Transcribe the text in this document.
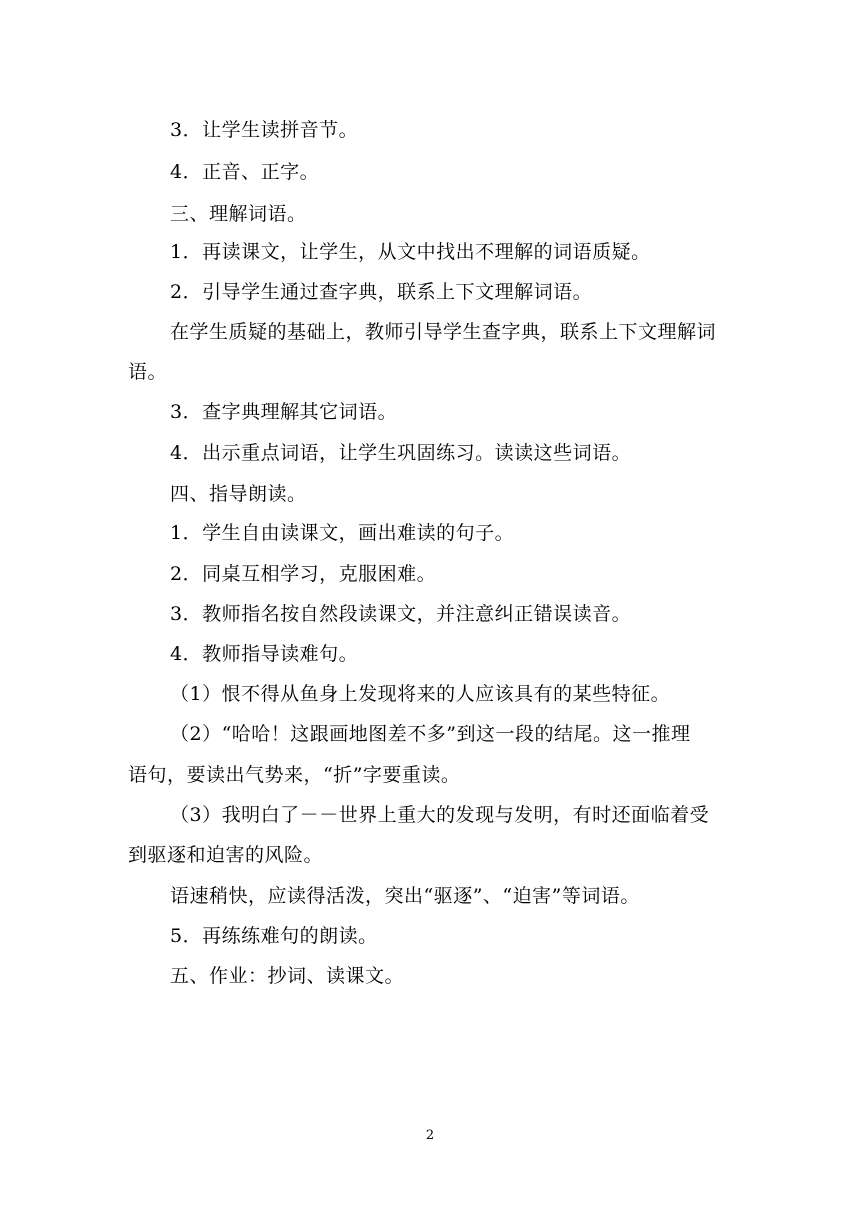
3．让学生读拼音节。
4．正音、正字。
三、理解词语。
1．再读课文，让学生，从文中找出不理解的词语质疑。
2．引导学生通过查字典，联系上下文理解词语。
在学生质疑的基础上，教师引导学生查字典，联系上下文理解词
语。
3．查字典理解其它词语。
4．出示重点词语，让学生巩固练习。读读这些词语。
四、指导朗读。
1．学生自由读课文，画出难读的句子。
2．同桌互相学习，克服困难。
3．教师指名按自然段读课文，并注意纠正错误读音。
4．教师指导读难句。
（1）恨不得从鱼身上发现将来的人应该具有的某些特征。
（2）“哈哈！这跟画地图差不多”到这一段的结尾。这一推理
语句，要读出气势来，“折”字要重读。
（3）我明白了－－世界上重大的发现与发明，有时还面临着受
到驱逐和迫害的风险。
语速稍快，应读得活泼，突出“驱逐”、“迫害”等词语。
5．再练练难句的朗读。
五、作业：抄词、读课文。
2
